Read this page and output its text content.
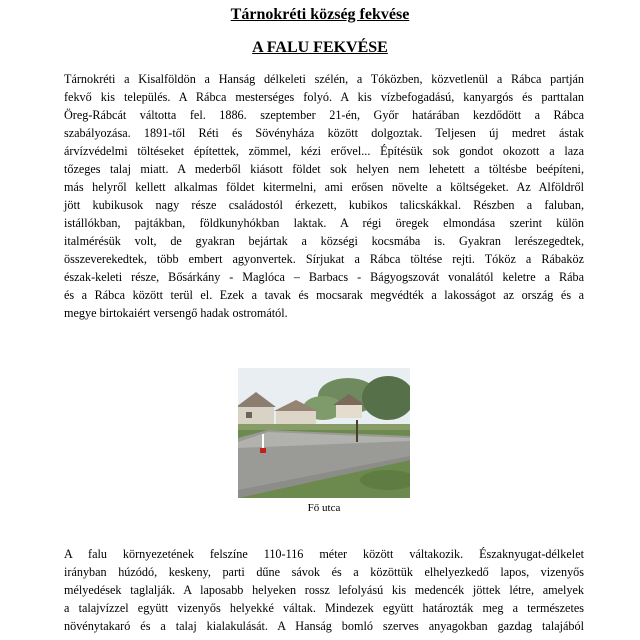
Tárnokréti község fekvése
A FALU FEKVÉSE
Tárnokréti a Kisalföldön a Hanság délkeleti szélén, a Tóközben, közvetlenül a Rábca partján
fekvő kis település. A Rábca mesterséges folyó. A kis vízbefogadású, kanyargós és parttalan
Öreg-Rábcát váltotta fel. 1886. szeptember 21-én, Győr határában kezdődött a Rábca
szabályozása. 1891-től Réti és Sövényháza között dolgoztak. Teljesen új medret ástak
árvízvédelmi töltéseket építettek, zömmel, kézi erővel... Építésük sok gondot okozott a laza
tőzeges talaj miatt. A mederből kiásott földet sok helyen nem lehetett a töltésbe beépíteni,
más helyről kellett alkalmas földet kitermelni, ami erősen növelte a költségeket. Az Alföldről
jött kubikusok nagy része családostól érkezett, kubikos talicskákkal. Részben a faluban,
istállókban, pajtákban, földkunyhókban laktak. A régi öregek elmondása szerint külön
italmérésük volt, de gyakran bejártak a községi kocsmába is. Gyakran lerészegedtek,
összeverekedtek, több embert agyonvertek. Sírjukat a Rábca töltése rejti. Tóköz a Rábaköz
észak-keleti része, Bősárkány - Maglóca – Barbacs - Bágyogszovát vonalától keletre a Rába
és a Rábca között terül el. Ezek a tavak és mocsarak megvédték a lakosságot az ország és a
megye birtokaiért versengő hadak ostromától.

Fő utca

A falu környezetének felszíne 110-116 méter között váltakozik. Északnyugat-délkelet
irányban húzódó, keskeny, parti dűne sávok és a közöttük elhelyezkedő lapos, vizenyős
mélyedések taglalják. A laposabb helyeken rossz lefolyású kis medencék jöttek létre, amelyek
a talajvízzel együtt vizenyős helyekké váltak. Mindezek együtt határozták meg a természetes
növénytakaró és a talaj kialakulását. A Hanság bomló szerves anyagokban gazdag talajából
